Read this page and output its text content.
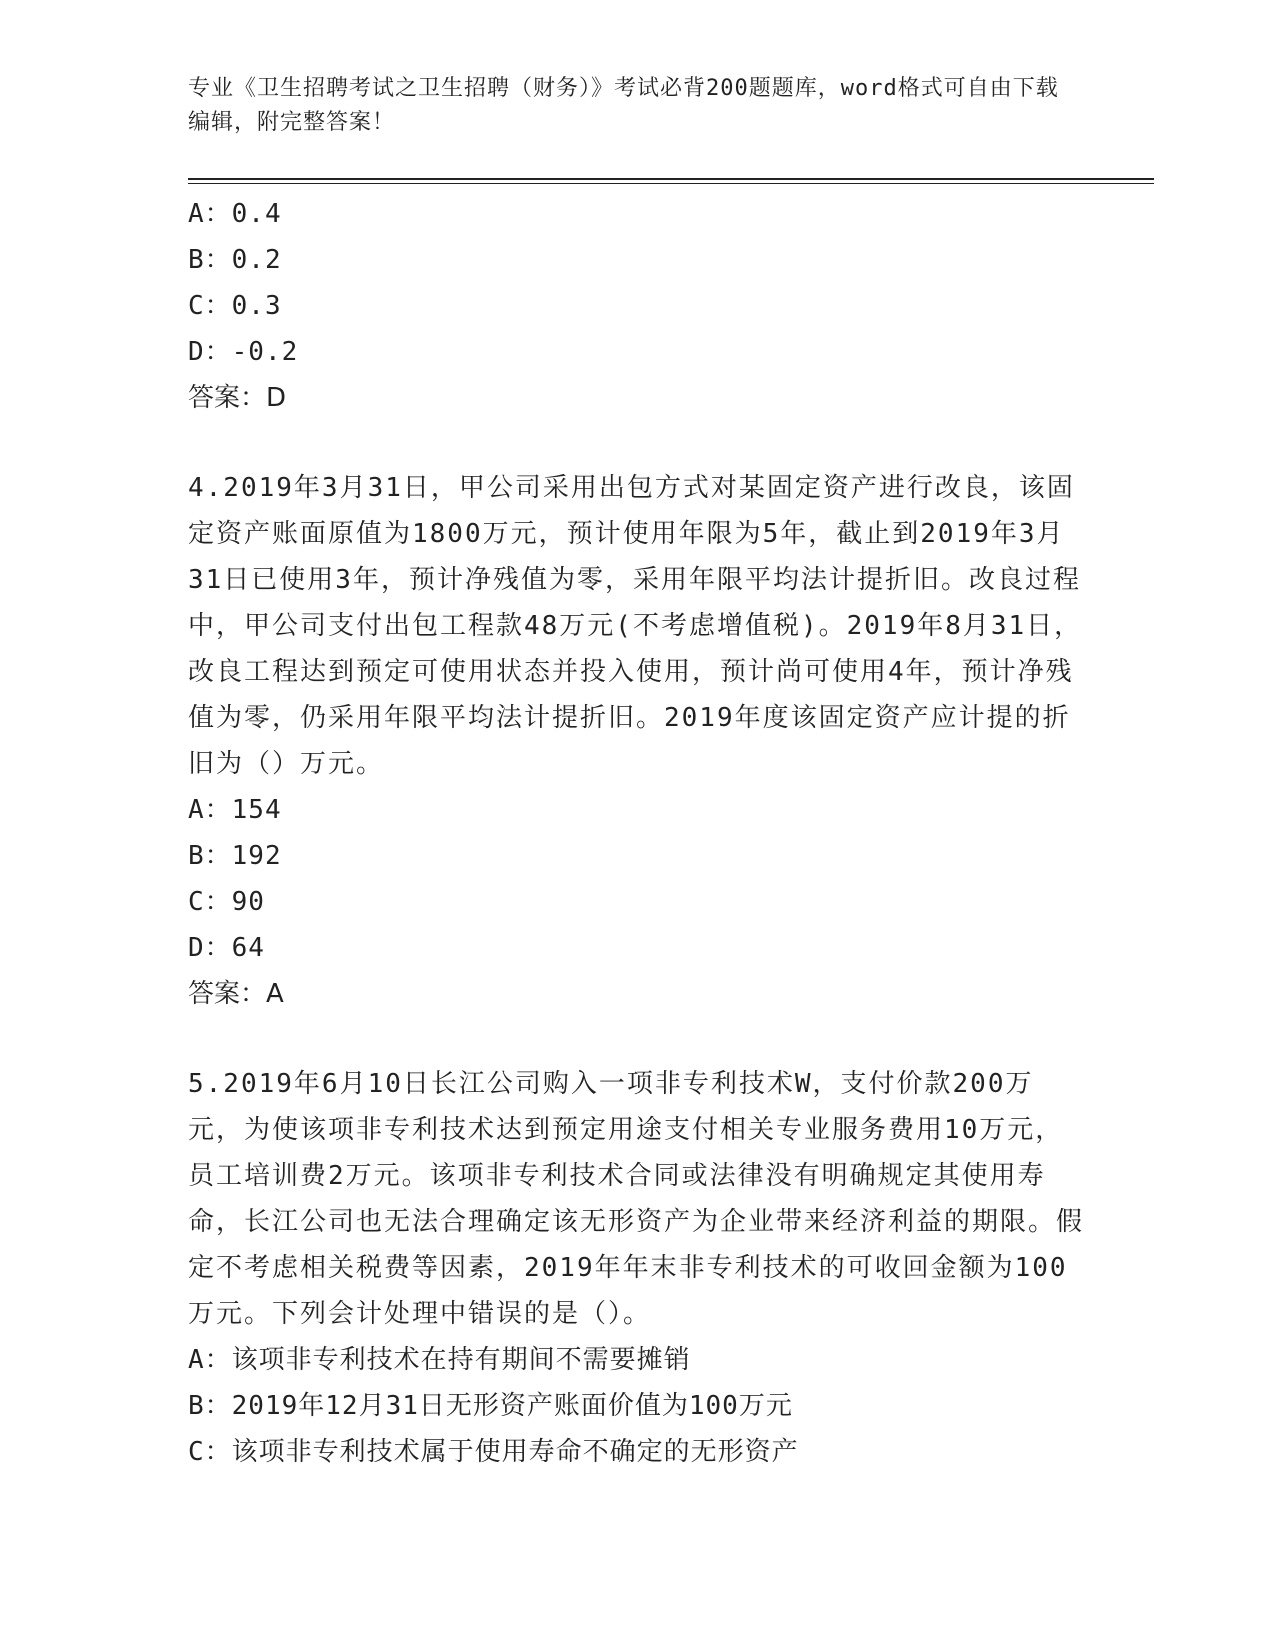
专业《卫生招聘考试之卫生招聘（财务）》考试必背200题题库，word格式可自由下载编辑，附完整答案！

A：0.4

B：0.2

C：0.3

D：-0.2

答案：D

4.2019年3月31日，甲公司采用出包方式对某固定资产进行改良，该固定资产账面原值为1800万元，预计使用年限为5年，截止到2019年3月31日已使用3年，预计净残值为零，采用年限平均法计提折旧。改良过程中，甲公司支付出包工程款48万元(不考虑增值税)。2019年8月31日，改良工程达到预定可使用状态并投入使用，预计尚可使用4年，预计净残值为零，仍采用年限平均法计提折旧。2019年度该固定资产应计提的折旧为（）万元。

A：154

B：192

C：90

D：64

答案：A

5.2019年6月10日长江公司购入一项非专利技术W，支付价款200万元，为使该项非专利技术达到预定用途支付相关专业服务费用10万元，员工培训费2万元。该项非专利技术合同或法律没有明确规定其使用寿命，长江公司也无法合理确定该无形资产为企业带来经济利益的期限。假定不考虑相关税费等因素，2019年年末非专利技术的可收回金额为100万元。下列会计处理中错误的是（）。

A：该项非专利技术在持有期间不需要摊销

B：2019年12月31日无形资产账面价值为100万元

C：该项非专利技术属于使用寿命不确定的无形资产
